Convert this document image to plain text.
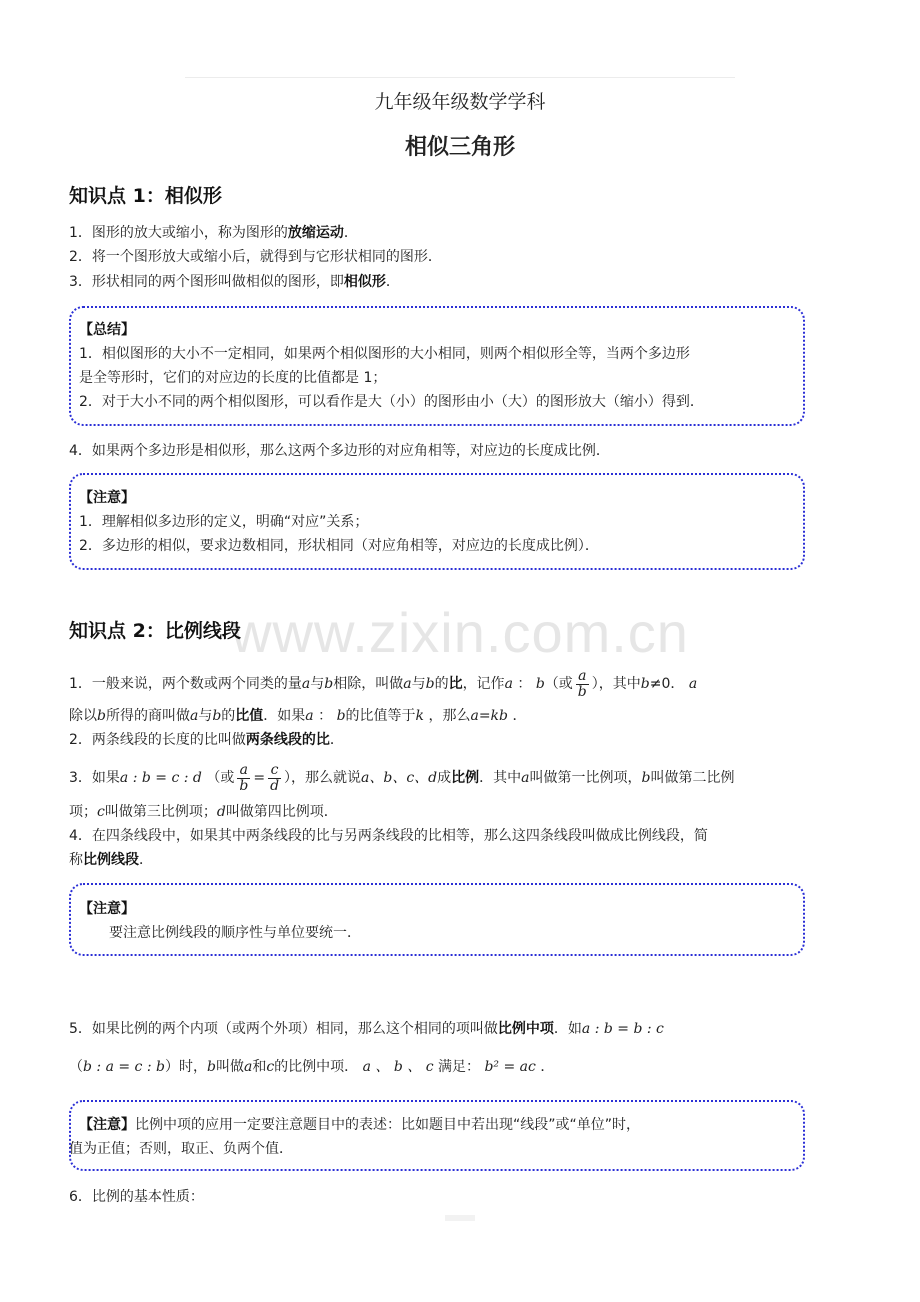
九年级年级数学学科
相似三角形
www.zixin.com.cn
知识点 1：相似形
1．图形的放大或缩小，称为图形的放缩运动．
2．将一个图形放大或缩小后，就得到与它形状相同的图形．
3．形状相同的两个图形叫做相似的图形，即相似形．
【总结】
1．相似图形的大小不一定相同，如果两个相似图形的大小相同，则两个相似形全等，当两个多边形
是全等形时，它们的对应边的长度的比值都是 1；
2．对于大小不同的两个相似图形，可以看作是大（小）的图形由小（大）的图形放大（缩小）得到．
4．如果两个多边形是相似形，那么这两个多边形的对应角相等，对应边的长度成比例．
【注意】
1．理解相似多边形的定义，明确“对应”关系；
2．多边形的相似，要求边数相同，形状相同（对应角相等，对应边的长度成比例）．
知识点 2：比例线段
1．一般来说，两个数或两个同类的量a与b相除，叫做a与b的比，记作a ： b（或 $\frac{a}{b}$ ），其中b≠0． a
除以b所得的商叫做a与b的比值．如果a ： b的比值等于k ，那么a=kb ．
2．两条线段的长度的比叫做两条线段的比．
3．如果a : b = c : d （或 $\frac{a}{b} = \frac{c}{d}$ ），那么就说a、b、c、d成比例．其中a叫做第一比例项，b叫做第二比例
项；c叫做第三比例项；d叫做第四比例项．
4．在四条线段中，如果其中两条线段的比与另两条线段的比相等，那么这四条线段叫做成比例线段，简
称比例线段．
【注意】
要注意比例线段的顺序性与单位要统一．
5．如果比例的两个内项（或两个外项）相同，那么这个相同的项叫做比例中项．如a : b = b : c
（b : a = c : b）时，b叫做a和c的比例中项． a 、 b 、 c 满足： b² = ac ．
【注意】比例中项的应用一定要注意题目中的表述：比如题目中若出现“线段”或“单位”时，
值为正值；否则，取正、负两个值．
6．比例的基本性质：
